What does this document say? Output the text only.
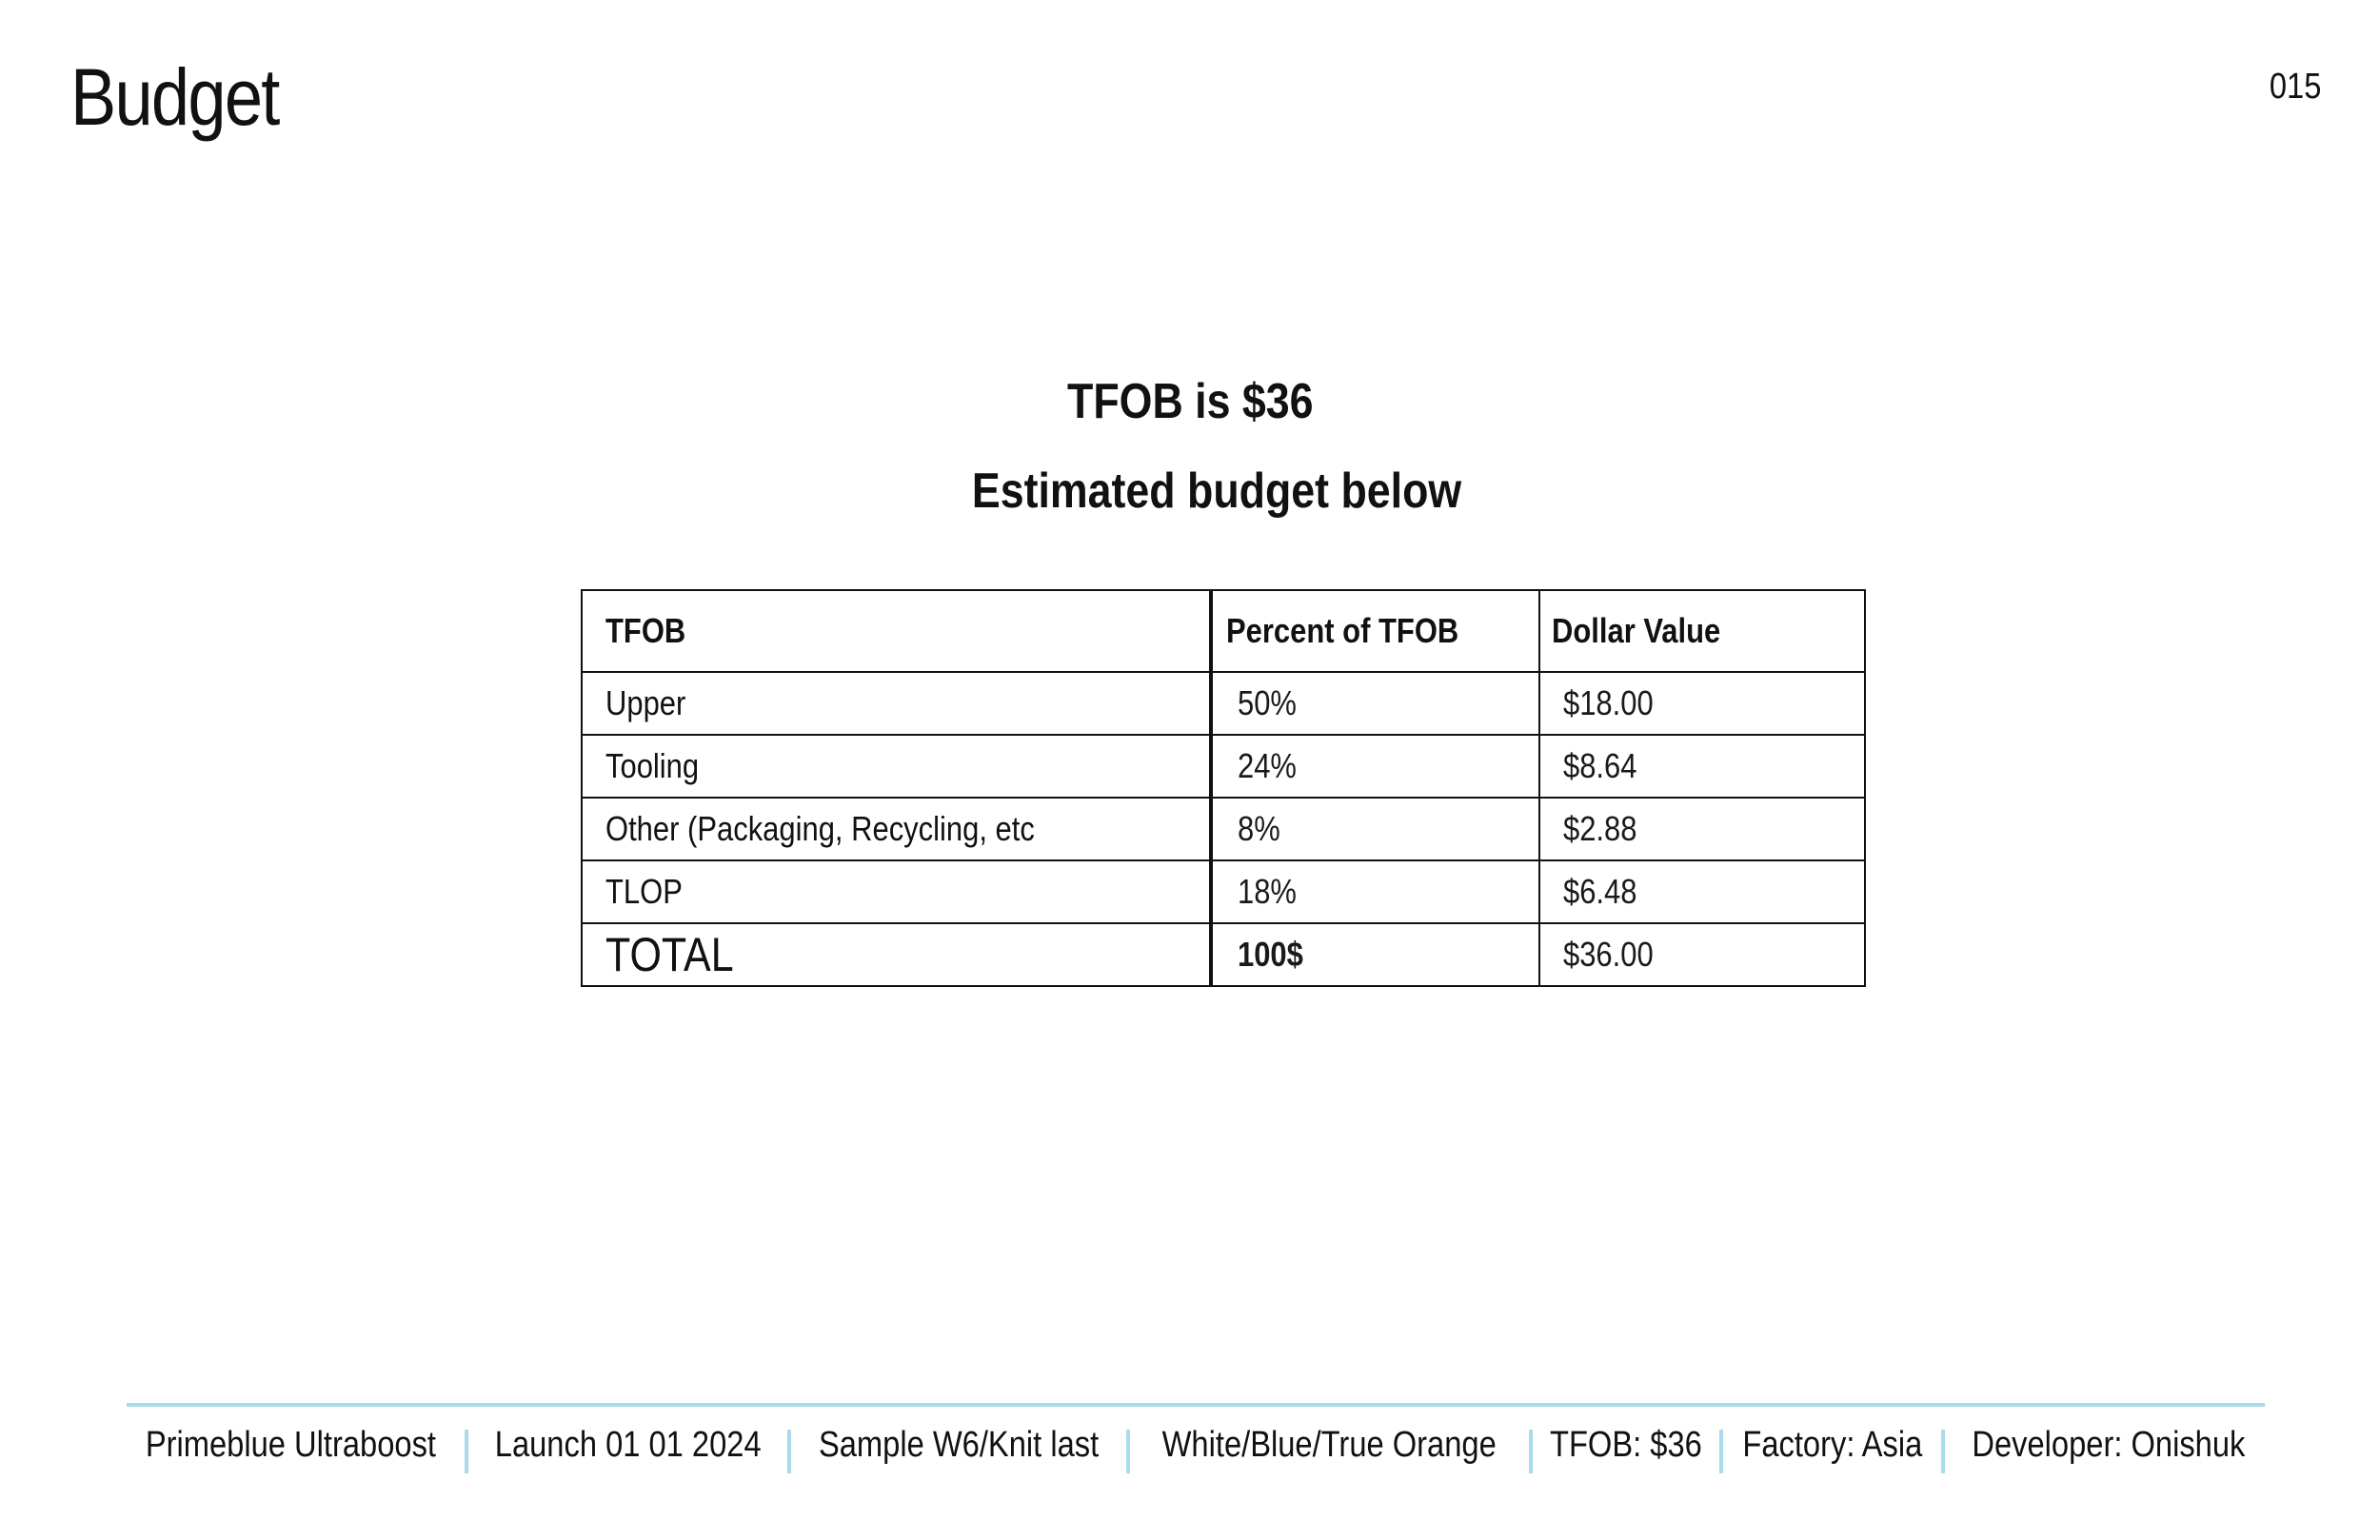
Budget	015
TFOB is $36
Estimated budget below
TFOB	Percent of TFOB	Dollar Value
Upper	50%	$18.00
Tooling	24%	$8.64
Other (Packaging, Recycling, etc	8%	$2.88
TLOP	18%	$6.48
TOTAL	100$	$36.00
Primeblue Ultraboost	Launch 01 01 2024	Sample W6/Knit last	White/Blue/True Orange	TFOB: $36	Factory: Asia	Developer: Onishuk
